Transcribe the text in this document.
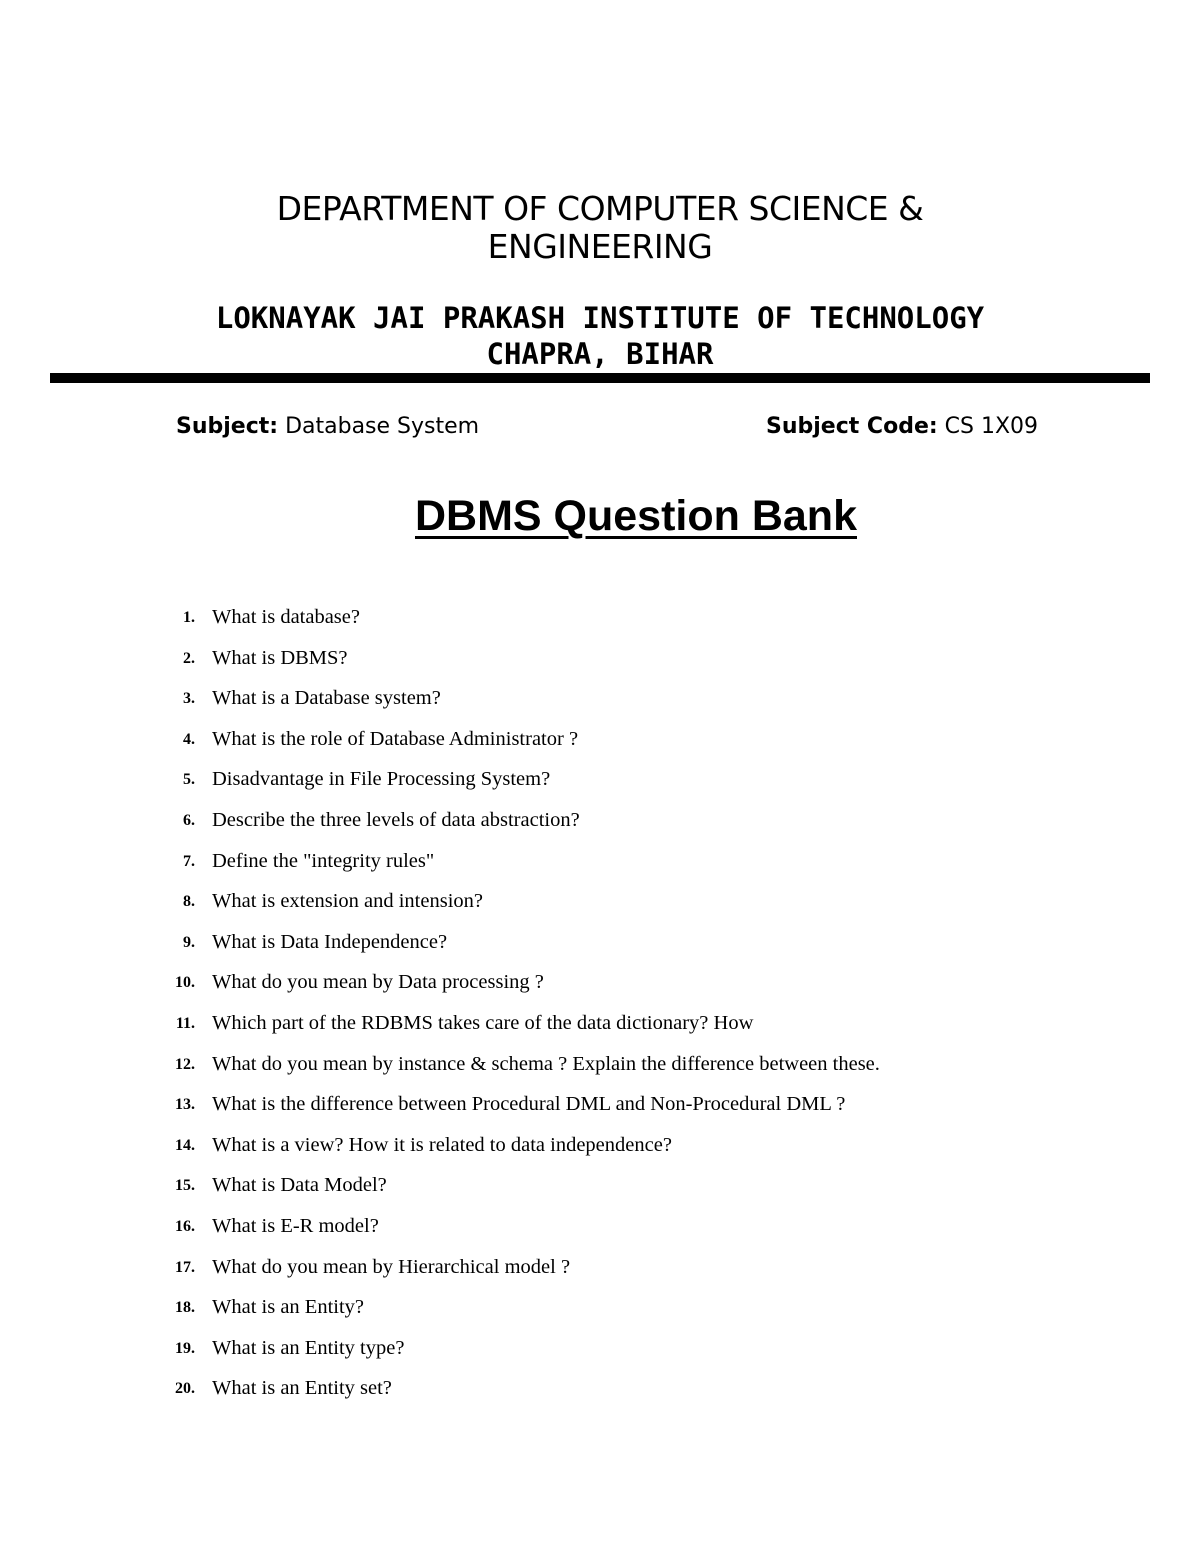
DEPARTMENT OF COMPUTER SCIENCE &
ENGINEERING
LOKNAYAK JAI PRAKASH INSTITUTE OF TECHNOLOGY
CHAPRA, BIHAR
Subject: Database System	Subject Code: CS 1X09
DBMS Question Bank
1. What is database?
2. What is DBMS?
3. What is a Database system?
4. What is the role of Database Administrator ?
5. Disadvantage in File Processing System?
6. Describe the three levels of data abstraction?
7. Define the "integrity rules"
8. What is extension and intension?
9. What is Data Independence?
10. What do you mean by Data processing ?
11. Which part of the RDBMS takes care of the data dictionary? How
12. What do you mean by instance & schema ? Explain the difference between these.
13. What is the difference between Procedural DML and Non-Procedural DML ?
14. What is a view? How it is related to data independence?
15. What is Data Model?
16. What is E-R model?
17. What do you mean by Hierarchical model ?
18. What is an Entity?
19. What is an Entity type?
20. What is an Entity set?
